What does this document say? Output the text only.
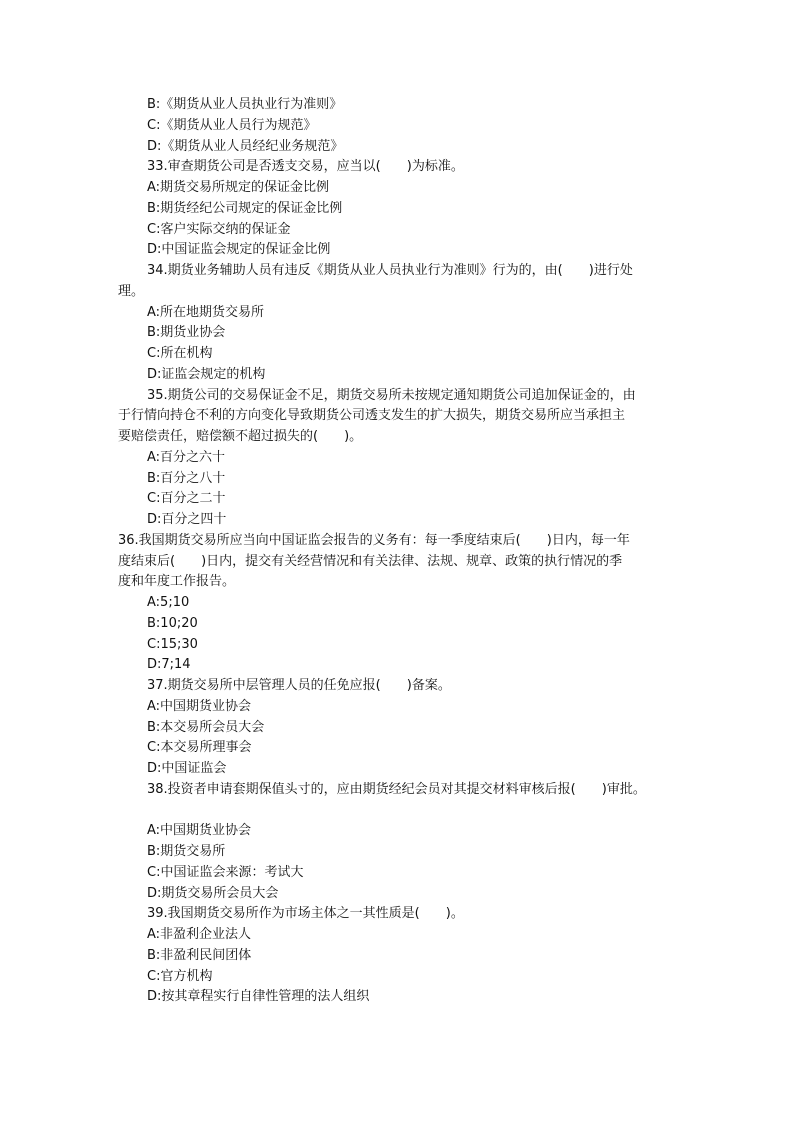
B:《期货从业人员执业行为准则》
C:《期货从业人员行为规范》
D:《期货从业人员经纪业务规范》
33.审查期货公司是否透支交易，应当以(　　)为标准。
A:期货交易所规定的保证金比例
B:期货经纪公司规定的保证金比例
C:客户实际交纳的保证金
D:中国证监会规定的保证金比例
34.期货业务辅助人员有违反《期货从业人员执业行为准则》行为的，由(　　)进行处
理。
A:所在地期货交易所
B:期货业协会
C:所在机构
D:证监会规定的机构
35.期货公司的交易保证金不足，期货交易所未按规定通知期货公司追加保证金的，由
于行情向持仓不利的方向变化导致期货公司透支发生的扩大损失，期货交易所应当承担主
要赔偿责任，赔偿额不超过损失的(　　)。
A:百分之六十
B:百分之八十
C:百分之二十
D:百分之四十
36.我国期货交易所应当向中国证监会报告的义务有：每一季度结束后(　　)日内，每一年
度结束后(　　)日内，提交有关经营情况和有关法律、法规、规章、政策的执行情况的季
度和年度工作报告。
A:5;10
B:10;20
C:15;30
D:7;14
37.期货交易所中层管理人员的任免应报(　　)备案。
A:中国期货业协会
B:本交易所会员大会
C:本交易所理事会
D:中国证监会
38.投资者申请套期保值头寸的，应由期货经纪会员对其提交材料审核后报(　　)审批。
A:中国期货业协会
B:期货交易所
C:中国证监会来源：考试大
D:期货交易所会员大会
39.我国期货交易所作为市场主体之一其性质是(　　)。
A:非盈利企业法人
B:非盈利民间团体
C:官方机构
D:按其章程实行自律性管理的法人组织
